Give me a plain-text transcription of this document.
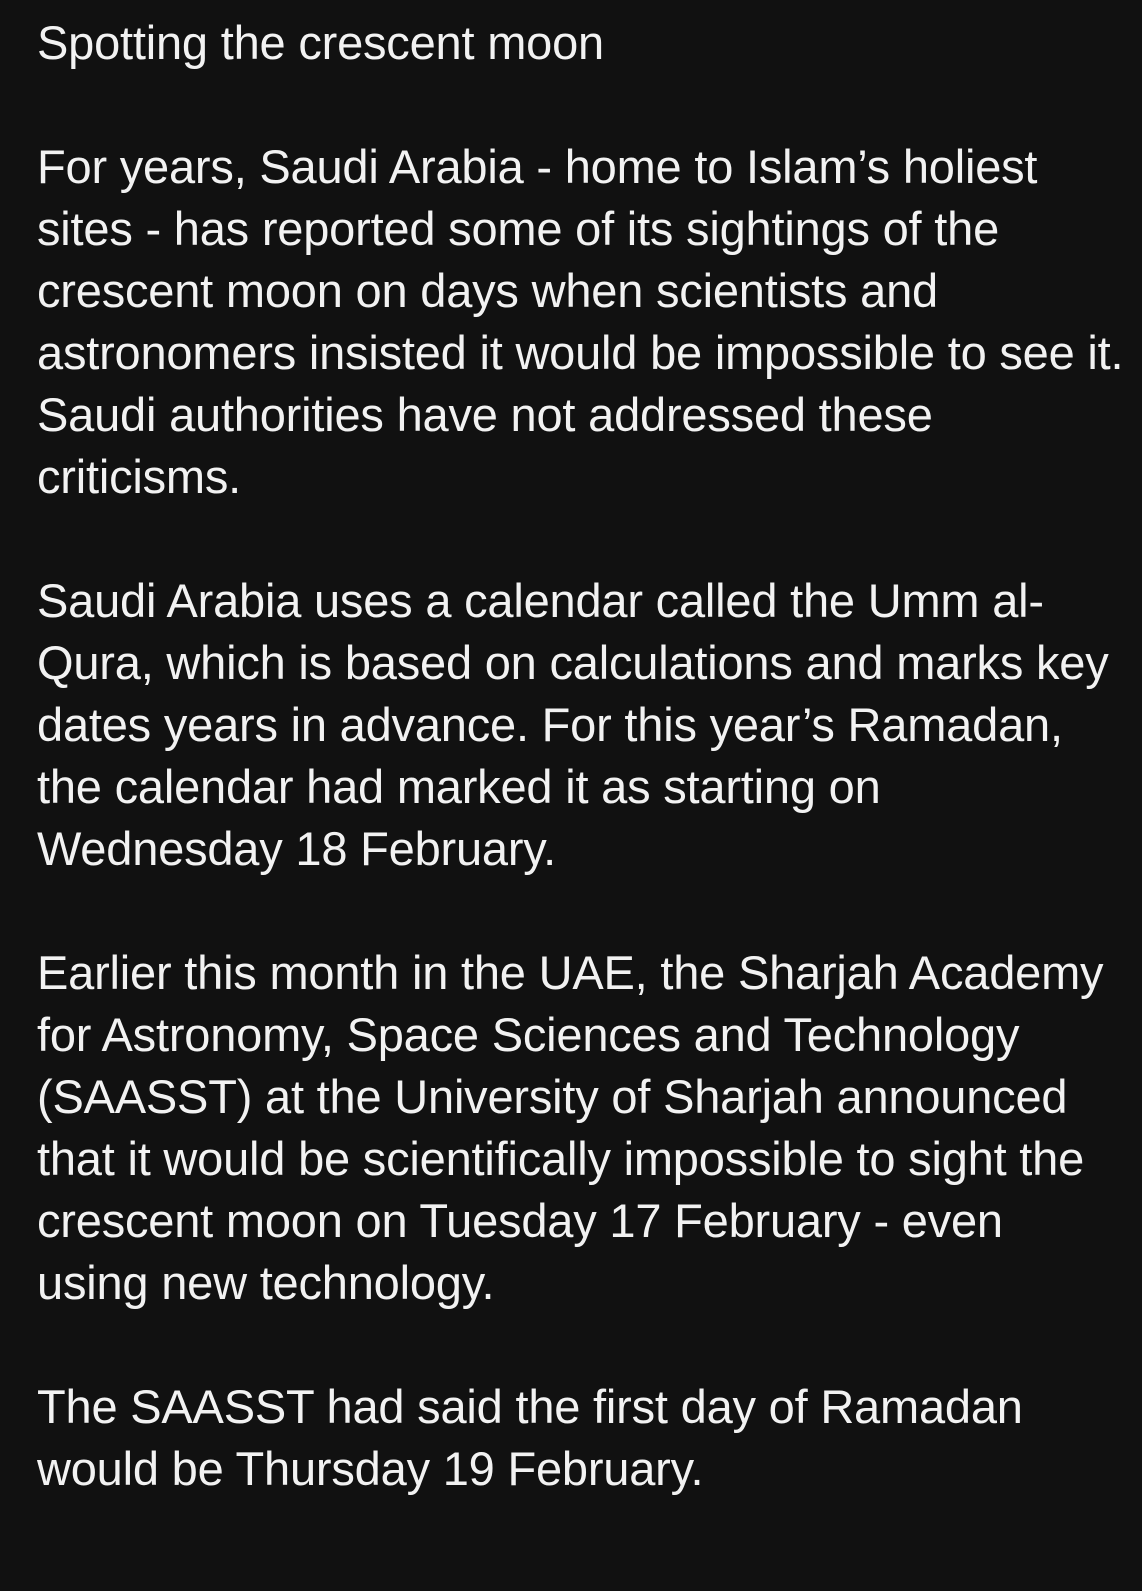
Spotting the crescent moon

For years, Saudi Arabia - home to Islam’s holiest sites - has reported some of its sightings of the crescent moon on days when scientists and astronomers insisted it would be impossible to see it. Saudi authorities have not addressed these criticisms.

Saudi Arabia uses a calendar called the Umm al-Qura, which is based on calculations and marks key dates years in advance. For this year’s Ramadan, the calendar had marked it as starting on Wednesday 18 February.

Earlier this month in the UAE, the Sharjah Academy for Astronomy, Space Sciences and Technology (SAASST) at the University of Sharjah announced that it would be scientifically impossible to sight the crescent moon on Tuesday 17 February - even using new technology.

The SAASST had said the first day of Ramadan would be Thursday 19 February.
